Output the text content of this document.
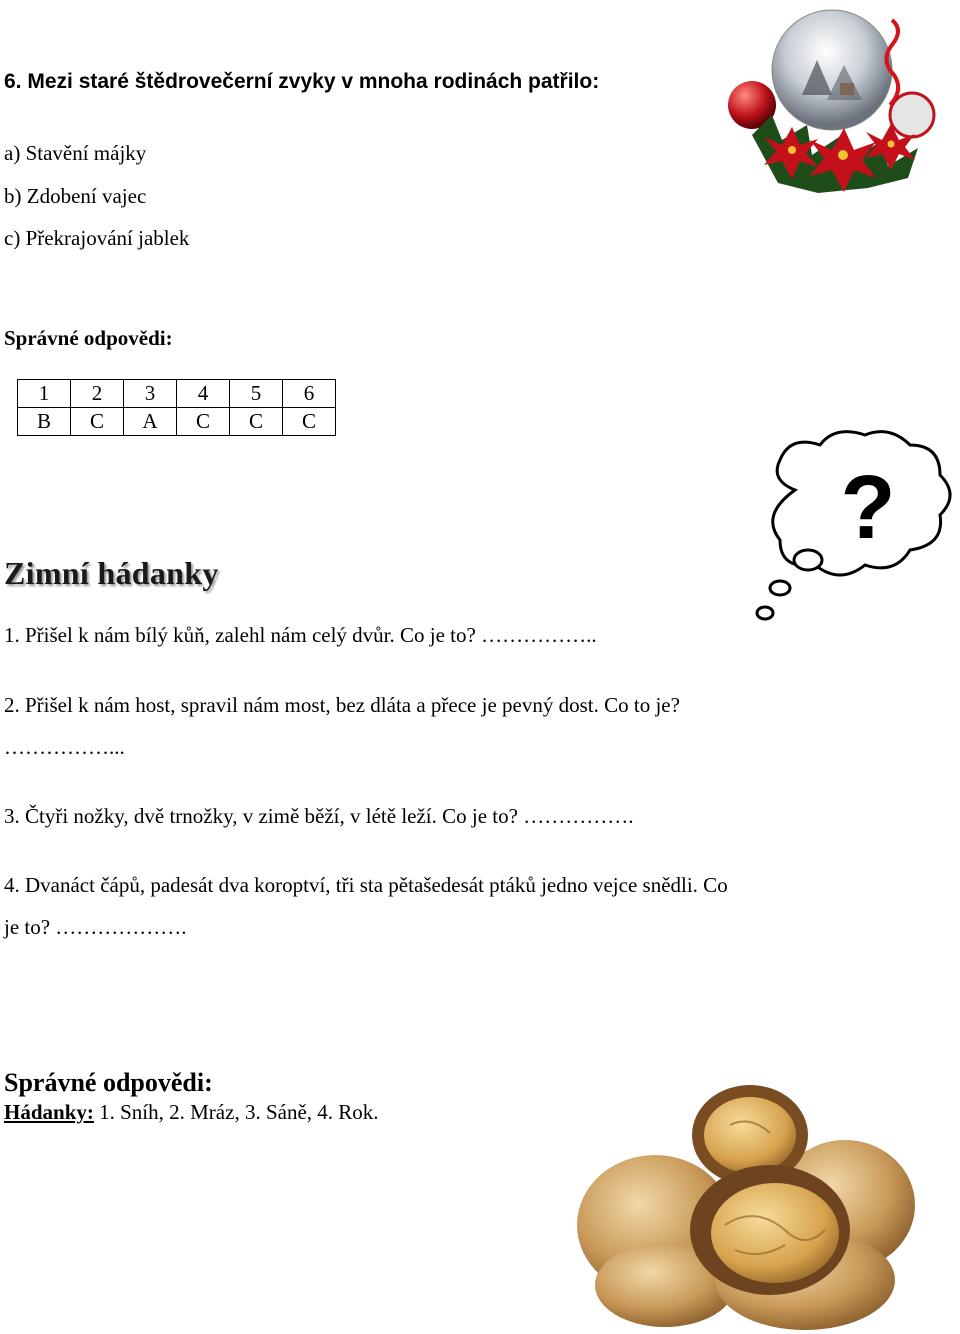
6. Mezi staré štědrovečerní zvyky v mnoha rodinách patřilo:
a) Stavění májky
b) Zdobení vajec
c) Překrajování jablek
Správné odpovědi:
1	2	3	4	5	6
B	C	A	C	C	C
?
Zimní hádanky
1. Přišel k nám bílý kůň, zalehl nám celý dvůr. Co je to? ……………..
2. Přišel k nám host, spravil nám most, bez dláta a přece je pevný dost. Co to je?
……………...
3. Čtyři nožky, dvě trnožky, v zimě běží, v létě leží. Co je to? …………….
4. Dvanáct čápů, padesát dva koroptví, tři sta pětašedesát ptáků jedno vejce snědli. Co
je to? ……………….
Správné odpovědi:
Hádanky: 1. Sníh, 2. Mráz, 3. Sáně, 4. Rok.
